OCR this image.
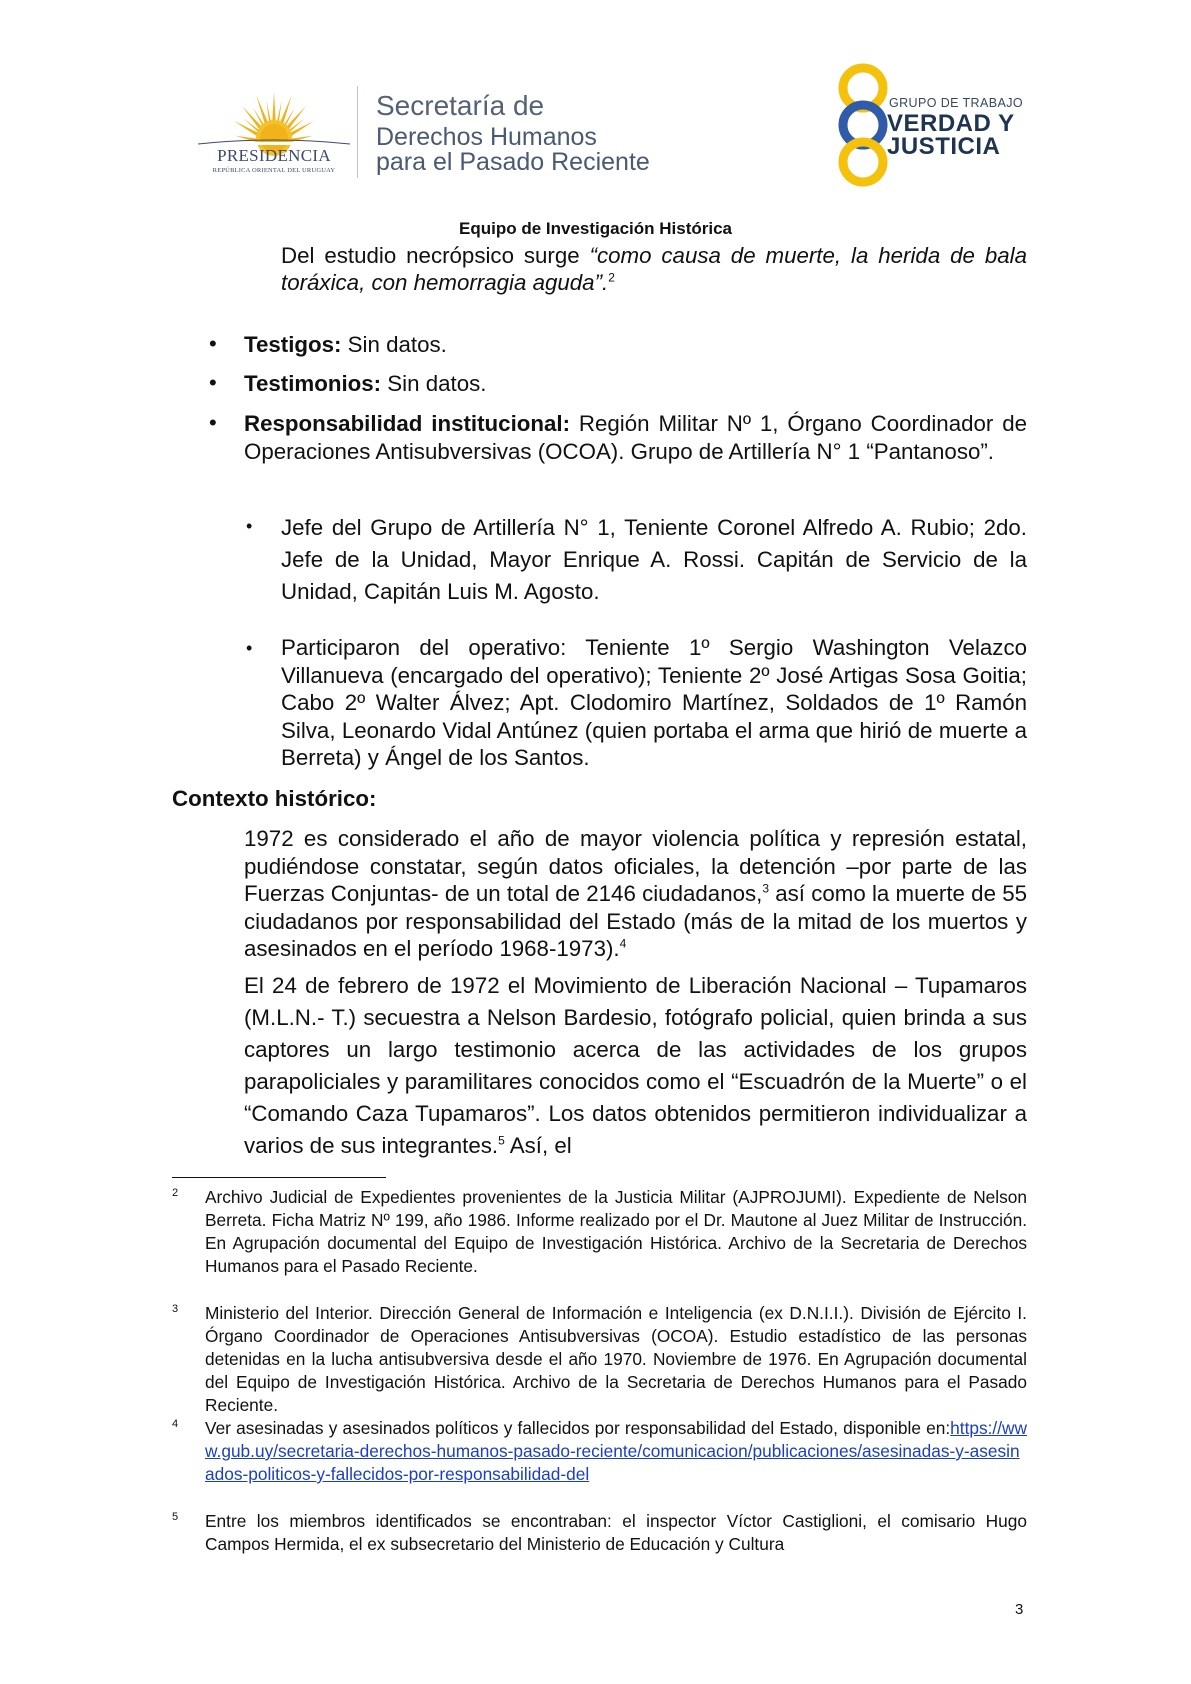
PRESIDENCIA
REPÚBLICA ORIENTAL DEL URUGUAY
Secretaría de
Derechos Humanos
para el Pasado Reciente
GRUPO DE TRABAJO
VERDAD Y
JUSTICIA
Equipo de Investigación Histórica
Del estudio necrópsico surge “como causa de muerte, la herida de bala toráxica, con hemorragia aguda”.$^2$
• Testigos: Sin datos.
• Testimonios: Sin datos.
• Responsabilidad institucional: Región Militar Nº 1, Órgano Coordinador de Operaciones Antisubversivas (OCOA). Grupo de Artillería N° 1 “Pantanoso”.
• Jefe del Grupo de Artillería N° 1, Teniente Coronel Alfredo A. Rubio; 2do. Jefe de la Unidad, Mayor Enrique A. Rossi. Capitán de Servicio de la Unidad, Capitán Luis M. Agosto.
• Participaron del operativo: Teniente 1º Sergio Washington Velazco Villanueva (encargado del operativo); Teniente 2º José Artigas Sosa Goitia; Cabo 2º Walter Álvez; Apt. Clodomiro Martínez, Soldados de 1º Ramón Silva, Leonardo Vidal Antúnez (quien portaba el arma que hirió de muerte a Berreta) y Ángel de los Santos.
Contexto histórico:
1972 es considerado el año de mayor violencia política y represión estatal, pudiéndose constatar, según datos oficiales, la detención –por parte de las Fuerzas Conjuntas- de un total de 2146 ciudadanos,$^3$ así como la muerte de 55 ciudadanos por responsabilidad del Estado (más de la mitad de los muertos y asesinados en el período 1968-1973).$^4$
El 24 de febrero de 1972 el Movimiento de Liberación Nacional – Tupamaros (M.L.N.- T.) secuestra a Nelson Bardesio, fotógrafo policial, quien brinda a sus captores un largo testimonio acerca de las actividades de los grupos parapoliciales y paramilitares conocidos como el “Escuadrón de la Muerte” o el “Comando Caza Tupamaros”. Los datos obtenidos permitieron individualizar a varios de sus integrantes.$^5$ Así, el
2 Archivo Judicial de Expedientes provenientes de la Justicia Militar (AJPROJUMI). Expediente de Nelson Berreta. Ficha Matriz Nº 199, año 1986. Informe realizado por el Dr. Mautone al Juez Militar de Instrucción. En Agrupación documental del Equipo de Investigación Histórica. Archivo de la Secretaria de Derechos Humanos para el Pasado Reciente.
3 Ministerio del Interior. Dirección General de Información e Inteligencia (ex D.N.I.I.). División de Ejército I. Órgano Coordinador de Operaciones Antisubversivas (OCOA). Estudio estadístico de las personas detenidas en la lucha antisubversiva desde el año 1970. Noviembre de 1976. En Agrupación documental del Equipo de Investigación Histórica. Archivo de la Secretaria de Derechos Humanos para el Pasado Reciente.
4 Ver asesinadas y asesinados políticos y fallecidos por responsabilidad del Estado, disponible en:https://www.gub.uy/secretaria-derechos-humanos-pasado-reciente/comunicacion/publicaciones/asesinadas-y-asesinados-politicos-y-fallecidos-por-responsabilidad-del
5 Entre los miembros identificados se encontraban: el inspector Víctor Castiglioni, el comisario Hugo Campos Hermida, el ex subsecretario del Ministerio de Educación y Cultura
3
